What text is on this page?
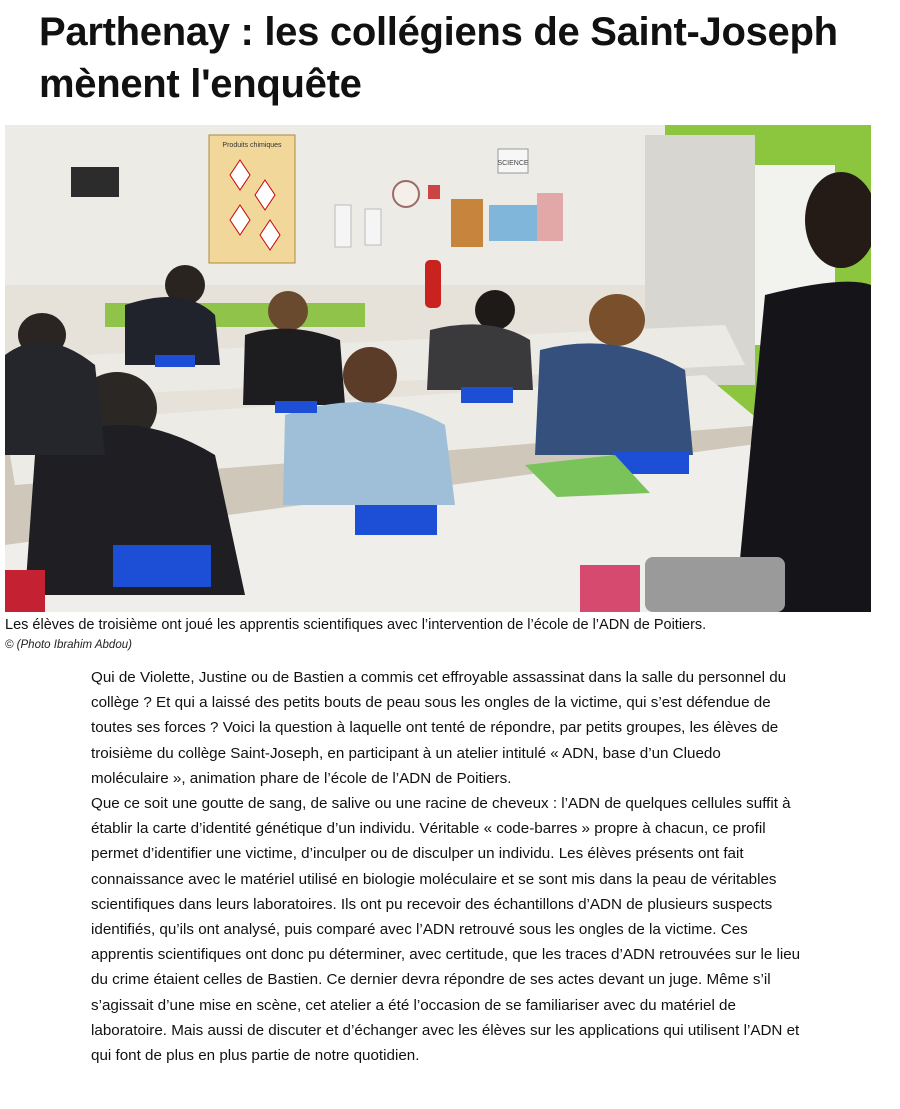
Parthenay : les collégiens de Saint-Joseph mènent l'enquête
Produits chimiques
SCIENCE
Les élèves de troisième ont joué les apprentis scientifiques avec l’intervention de l’école de l’ADN de Poitiers.
© (Photo Ibrahim Abdou)

Qui de Violette, Justine ou de Bastien a commis cet effroyable assassinat dans la salle du personnel du collège ? Et qui a laissé des petits bouts de peau sous les ongles de la victime, qui s’est défendue de toutes ses forces ? Voici la question à laquelle ont tenté de répondre, par petits groupes, les élèves de troisième du collège Saint-Joseph, en participant à un atelier intitulé « ADN, base d’un Cluedo moléculaire », animation phare de l’école de l’ADN de Poitiers.

Que ce soit une goutte de sang, de salive ou une racine de cheveux : l’ADN de quelques cellules suffit à établir la carte d’identité génétique d’un individu. Véritable « code-barres » propre à chacun, ce profil permet d’identifier une victime, d’inculper ou de disculper un individu. Les élèves présents ont fait connaissance avec le matériel utilisé en biologie moléculaire et se sont mis dans la peau de véritables scientifiques dans leurs laboratoires. Ils ont pu recevoir des échantillons d’ADN de plusieurs suspects identifiés, qu’ils ont analysé, puis comparé avec l’ADN retrouvé sous les ongles de la victime. Ces apprentis scientifiques ont donc pu déterminer, avec certitude, que les traces d’ADN retrouvées sur le lieu du crime étaient celles de Bastien. Ce dernier devra répondre de ses actes devant un juge. Même s’il s’agissait d’une mise en scène, cet atelier a été l’occasion de se familiariser avec du matériel de laboratoire. Mais aussi de discuter et d’échanger avec les élèves sur les applications qui utilisent l’ADN et qui font de plus en plus partie de notre quotidien.
